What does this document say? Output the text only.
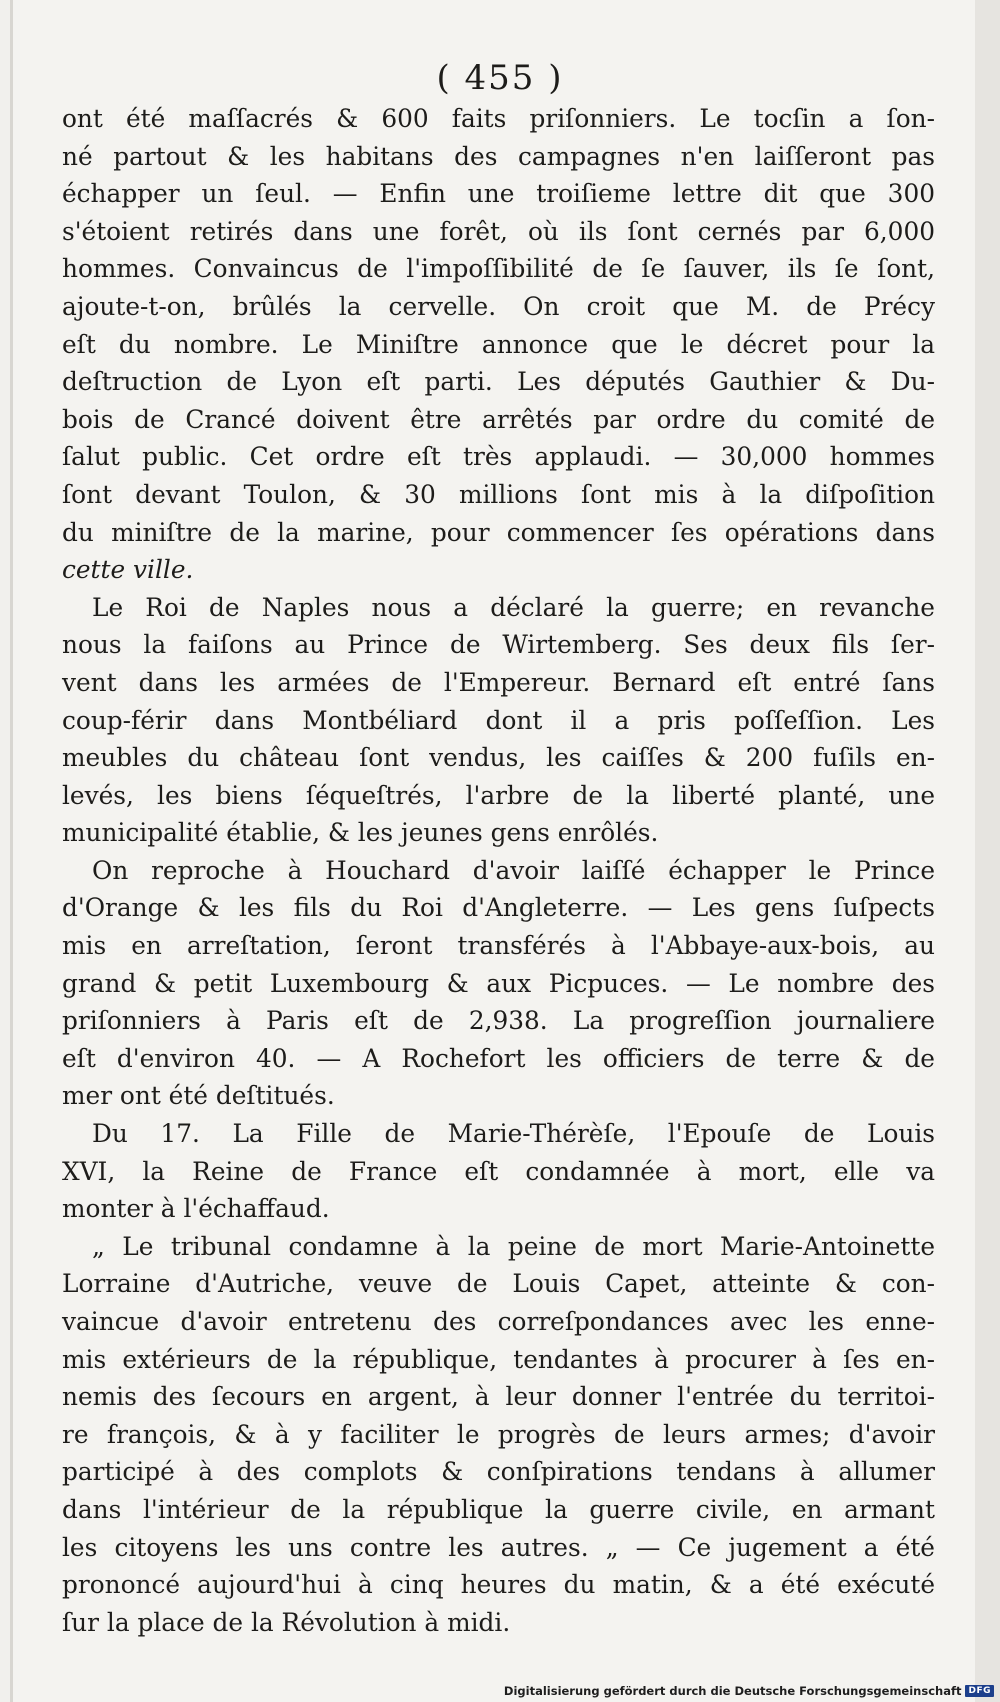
( 455 )
ont été maſſacrés & 600 faits priſonniers. Le tocſin a ſon-
né partout & les habitans des campagnes n'en laiſſeront pas
échapper un ſeul. — Enfin une troiſieme lettre dit que 300
s'étoient retirés dans une forêt, où ils ſont cernés par 6,000
hommes. Convaincus de l'impoſſibilité de ſe ſauver, ils ſe ſont,
ajoute-t-on, brûlés la cervelle. On croit que M. de Précy
eſt du nombre. Le Miniſtre annonce que le décret pour la
deſtruction de Lyon eſt parti. Les députés Gauthier & Du-
bois de Crancé doivent être arrêtés par ordre du comité de
ſalut public. Cet ordre eſt très applaudi. — 30,000 hommes
ſont devant Toulon, & 30 millions ſont mis à la diſpoſition
du miniſtre de la marine, pour commencer ſes opérations dans
cette ville.
Le Roi de Naples nous a déclaré la guerre; en revanche
nous la faiſons au Prince de Wirtemberg. Ses deux fils ſer-
vent dans les armées de l'Empereur. Bernard eſt entré ſans
coup-férir dans Montbéliard dont il a pris poſſeſſion. Les
meubles du château ſont vendus, les caiſſes & 200 fuſils en-
levés, les biens ſéqueſtrés, l'arbre de la liberté planté, une
municipalité établie, & les jeunes gens enrôlés.
On reproche à Houchard d'avoir laiſſé échapper le Prince
d'Orange & les fils du Roi d'Angleterre. — Les gens ſuſpects
mis en arreſtation, ſeront transférés à l'Abbaye-aux-bois, au
grand & petit Luxembourg & aux Picpuces. — Le nombre des
priſonniers à Paris eſt de 2,938. La progreſſion journaliere
eſt d'environ 40. — A Rochefort les officiers de terre & de
mer ont été deſtitués.
Du 17. La Fille de Marie-Thérèſe, l'Epouſe de Louis
XVI, la Reine de France eſt condamnée à mort, elle va
monter à l'échaffaud.
„ Le tribunal condamne à la peine de mort Marie-Antoinette
Lorraine d'Autriche, veuve de Louis Capet, atteinte & con-
vaincue d'avoir entretenu des correſpondances avec les enne-
mis extérieurs de la république, tendantes à procurer à ſes en-
nemis des ſecours en argent, à leur donner l'entrée du territoi-
re françois, & à y faciliter le progrès de leurs armes; d'avoir
participé à des complots & conſpirations tendans à allumer
dans l'intérieur de la république la guerre civile, en armant
les citoyens les uns contre les autres. „ — Ce jugement a été
prononcé aujourd'hui à cinq heures du matin, & a été exécuté
ſur la place de la Révolution à midi.
Digitalisierung gefördert durch die Deutsche Forschungsgemeinschaft DFG
